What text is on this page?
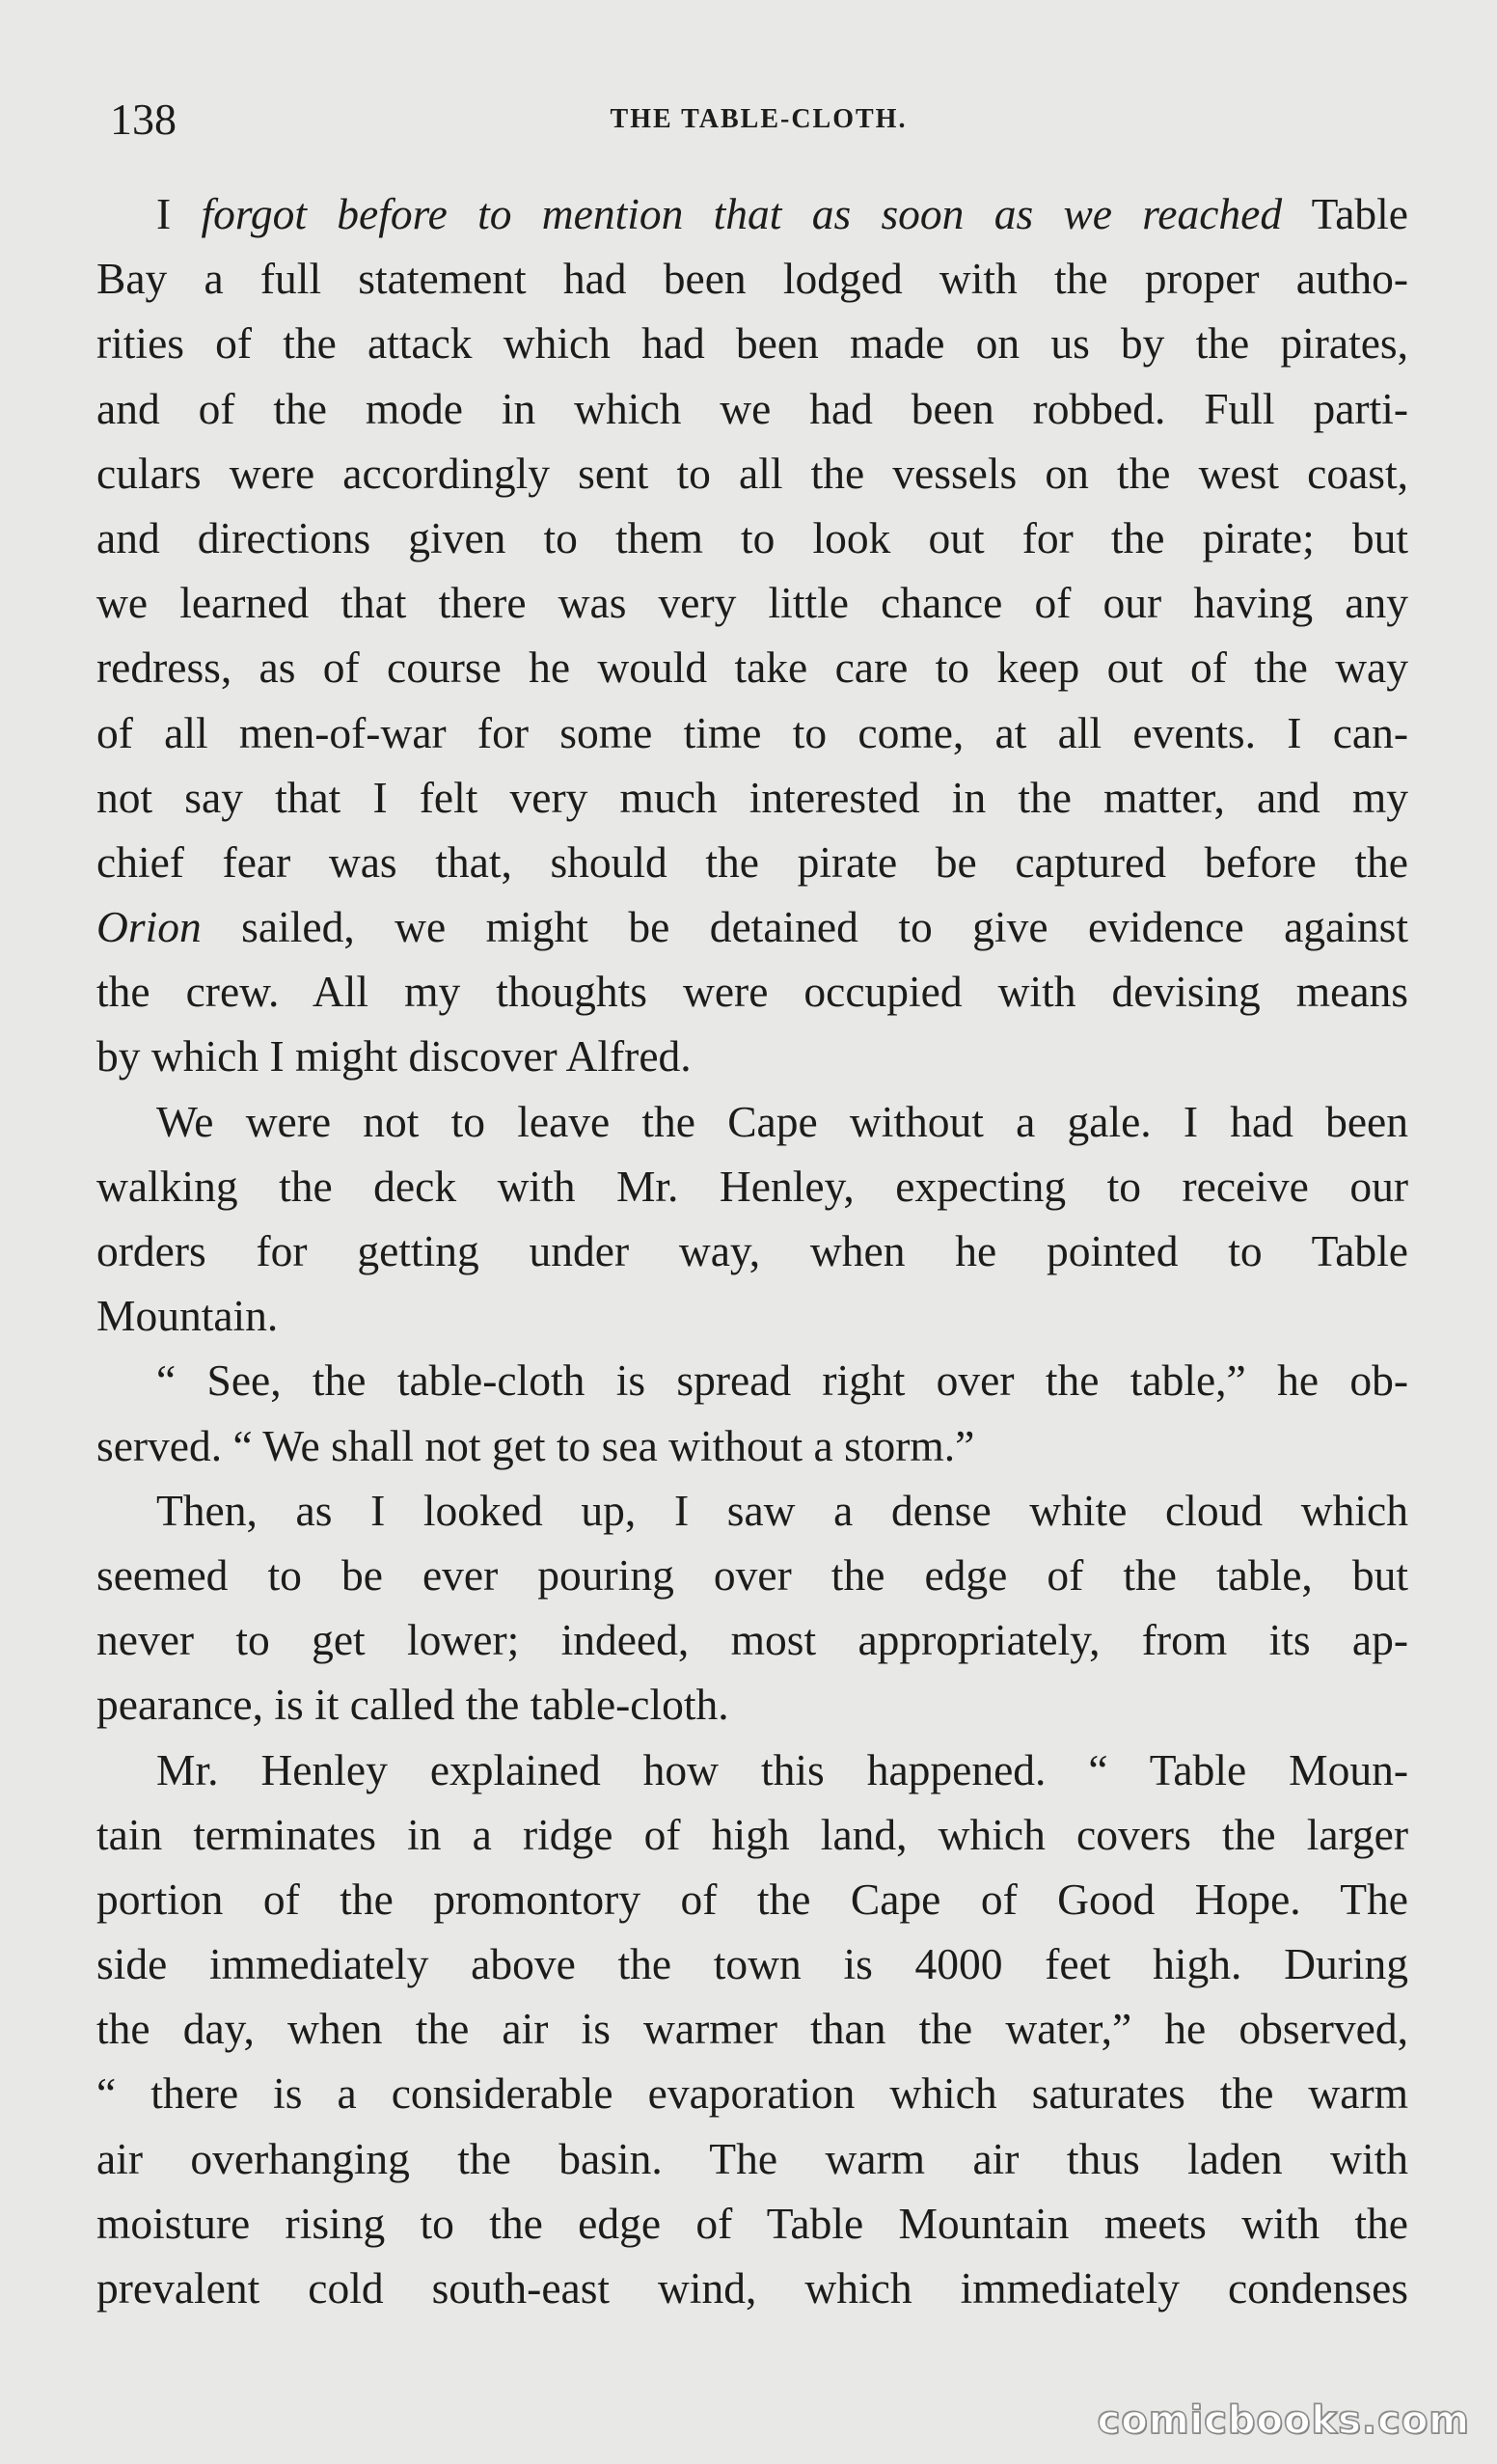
138	THE TABLE-CLOTH.
I forgot before to mention that as soon as we reached Table
Bay a full statement had been lodged with the proper autho-
rities of the attack which had been made on us by the pirates,
and of the mode in which we had been robbed. Full parti-
culars were accordingly sent to all the vessels on the west coast,
and directions given to them to look out for the pirate; but
we learned that there was very little chance of our having any
redress, as of course he would take care to keep out of the way
of all men-of-war for some time to come, at all events. I can-
not say that I felt very much interested in the matter, and my
chief fear was that, should the pirate be captured before the
Orion sailed, we might be detained to give evidence against
the crew. All my thoughts were occupied with devising means
by which I might discover Alfred.
We were not to leave the Cape without a gale. I had been
walking the deck with Mr. Henley, expecting to receive our
orders for getting under way, when he pointed to Table
Mountain.
“ See, the table-cloth is spread right over the table,” he ob-
served. “ We shall not get to sea without a storm.”
Then, as I looked up, I saw a dense white cloud which
seemed to be ever pouring over the edge of the table, but
never to get lower; indeed, most appropriately, from its ap-
pearance, is it called the table-cloth.
Mr. Henley explained how this happened. “ Table Moun-
tain terminates in a ridge of high land, which covers the larger
portion of the promontory of the Cape of Good Hope. The
side immediately above the town is 4000 feet high. During
the day, when the air is warmer than the water,” he observed,
“ there is a considerable evaporation which saturates the warm
air overhanging the basin. The warm air thus laden with
moisture rising to the edge of Table Mountain meets with the
prevalent cold south-east wind, which immediately condenses
comicbooks.com
